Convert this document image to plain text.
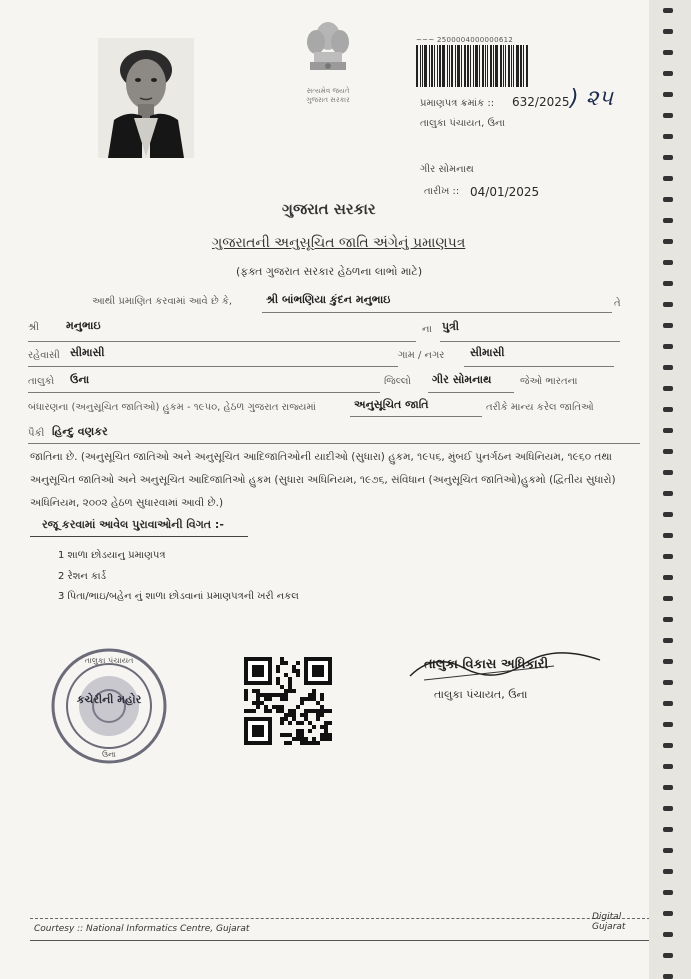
સત્યમેવ જયતે
ગુજરાત સરકાર
~~~ 2500004000000612
પ્રમાણપત્ર ક્રમાંક :: 632/2025 ) ૨૫
તાલુકા પંચાયત, ઉના
ગીર સોમનાથ
તારીખ :: 04/01/2025
ગુજરાત સરકાર
ગુજરાતની અનુસૂચિત જાતિ અંગેનું પ્રમાણપત્ર
(ફક્ત ગુજરાત સરકાર હેઠળના લાભો માટે)
આથી પ્રમાણિત કરવામાં આવે છે કે,	શ્રી બાંભણિયા કુંદન મનુભાઇ	તે
શ્રી મનુભાઇ	ના પુત્રી
રહેવાસી સીમાસી	ગામ / નગર સીમાસી
તાલુકો ઉના	જિલ્લો ગીર સોમનાથ	જેઓ ભારતના
બંધારણના (અનુસૂચિત જાતિઓ) હુકમ - ૧૯૫૦, હેઠળ ગુજરાત રાજ્યમાં	અનુસૂચિત જાતિ	તરીકે માન્ય કરેલ જાતિઓ
પૈકી હિન્દુ વણકર
જાતિના છે. (અનુસૂચિત જાતિઓ અને અનુસૂચિત આદિજાતિઓની યાદીઓ (સુધારા) હુકમ, ૧૯૫૬, મુંબઈ પુનર્ગઠન અધિનિયમ, ૧૯૬૦ તથા
અનુસૂચિત જાતિઓ અને અનુસૂચિત આદિજાતિઓ હુકમ (સુધારા અધિનિયમ, ૧૯૭૬, સંવિધાન (અનુસૂચિત જાતિઓ)હુકમો (દ્વિતીય સુધારો)
અધિનિયમ, ૨૦૦૨ હેઠળ સુધારવામાં આવી છે.)
રજૂ કરવામાં આવેલ પુરાવાઓની વિગત :-
1 શાળા છોડયાનુ પ્રમાણપત્ર
2 રેશન કાર્ડ
3 પિતા/ભાઇ/બહેન નું શાળા છોડવાનાં પ્રમાણપત્રની ખરી નકલ
તાલુકા પંચાયત
ઉના
કચેરીની મહોર
તાલુકા વિકાસ અધિકારી
તાલુકા પંચાયત, ઉના
Courtesy :: National Informatics Centre, Gujarat
Digital Gujarat
